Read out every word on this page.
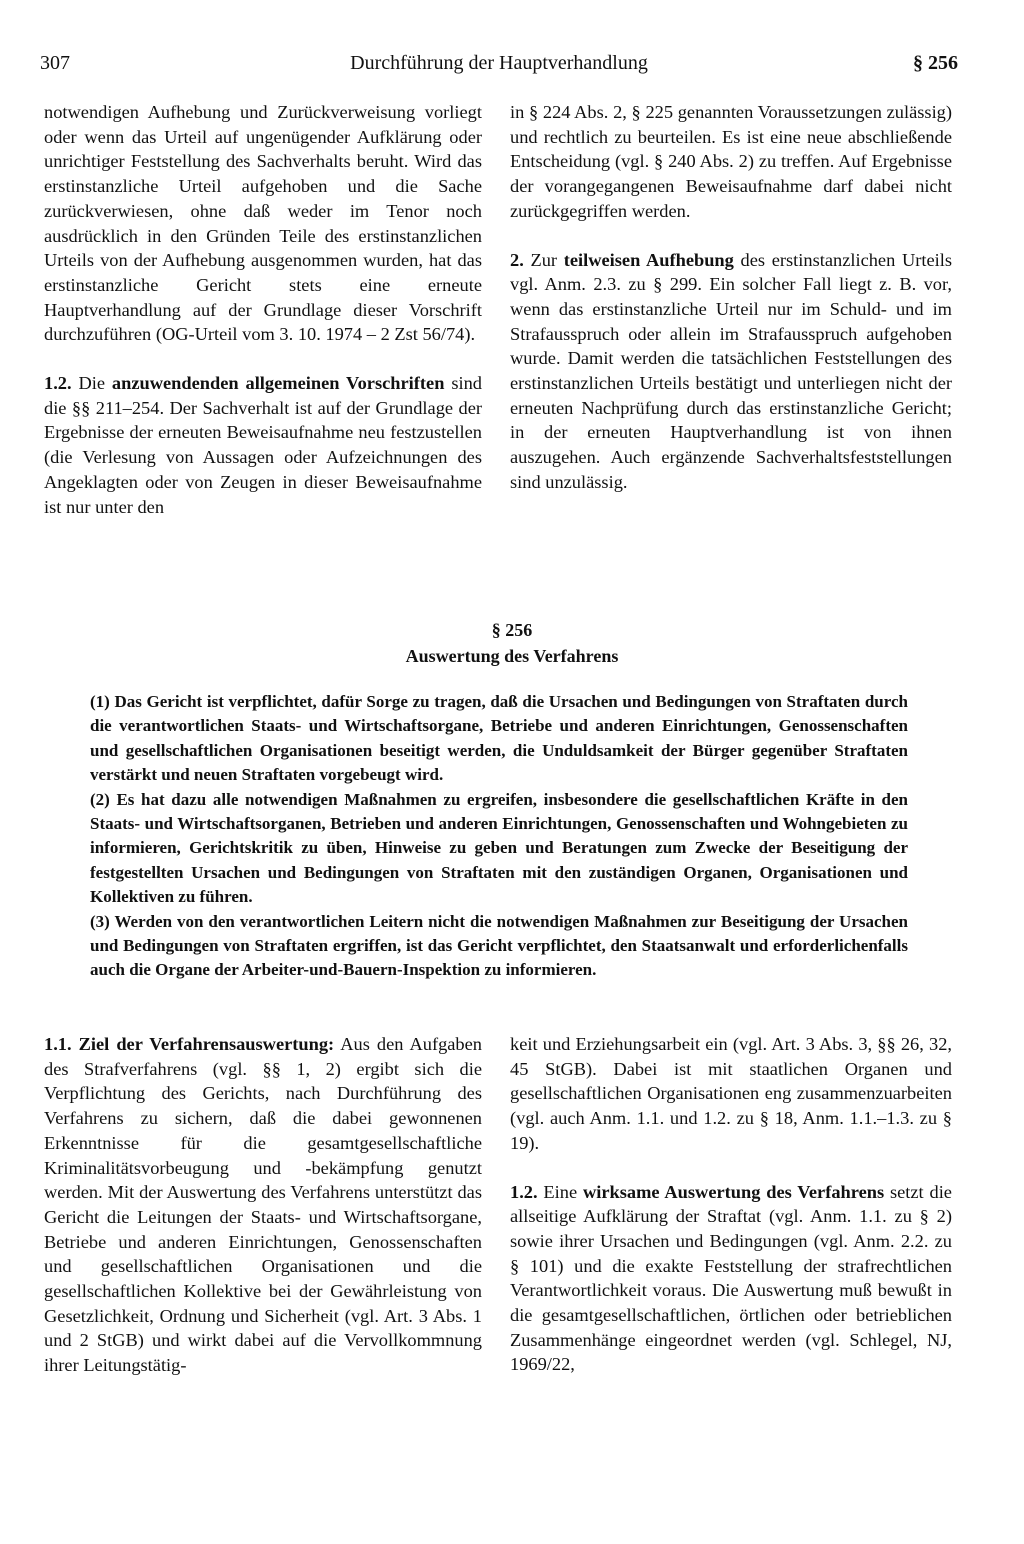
307	Durchführung der Hauptverhandlung	§ 256

notwendigen Aufhebung und Zurückverweisung vorliegt oder wenn das Urteil auf ungenügender Aufklärung oder unrichtiger Feststellung des Sachverhalts beruht. Wird das erstinstanzliche Urteil aufgehoben und die Sache zurückverwiesen, ohne daß weder im Tenor noch ausdrücklich in den Gründen Teile des erstinstanzlichen Urteils von der Aufhebung ausgenommen wurden, hat das erstinstanzliche Gericht stets eine erneute Hauptverhandlung auf der Grundlage dieser Vorschrift durchzuführen (OG-Urteil vom 3. 10. 1974 – 2 Zst 56/74).

1.2. Die anzuwendenden allgemeinen Vorschriften sind die §§ 211–254. Der Sachverhalt ist auf der Grundlage der Ergebnisse der erneuten Beweisaufnahme neu festzustellen (die Verlesung von Aussagen oder Aufzeichnungen des Angeklagten oder von Zeugen in dieser Beweisaufnahme ist nur unter den

in § 224 Abs. 2, § 225 genannten Voraussetzungen zulässig) und rechtlich zu beurteilen. Es ist eine neue abschließende Entscheidung (vgl. § 240 Abs. 2) zu treffen. Auf Ergebnisse der vorangegangenen Beweisaufnahme darf dabei nicht zurückgegriffen werden.

2. Zur teilweisen Aufhebung des erstinstanzlichen Urteils vgl. Anm. 2.3. zu § 299. Ein solcher Fall liegt z. B. vor, wenn das erstinstanzliche Urteil nur im Schuld- und im Strafausspruch oder allein im Strafausspruch aufgehoben wurde. Damit werden die tatsächlichen Feststellungen des erstinstanzlichen Urteils bestätigt und unterliegen nicht der erneuten Nachprüfung durch das erstinstanzliche Gericht; in der erneuten Hauptverhandlung ist von ihnen auszugehen. Auch ergänzende Sachverhaltsfeststellungen sind unzulässig.

§ 256
Auswertung des Verfahrens

(1) Das Gericht ist verpflichtet, dafür Sorge zu tragen, daß die Ursachen und Bedingungen von Straftaten durch die verantwortlichen Staats- und Wirtschaftsorgane, Betriebe und anderen Einrichtungen, Genossenschaften und gesellschaftlichen Organisationen beseitigt werden, die Unduldsamkeit der Bürger gegenüber Straftaten verstärkt und neuen Straftaten vorgebeugt wird.

(2) Es hat dazu alle notwendigen Maßnahmen zu ergreifen, insbesondere die gesellschaftlichen Kräfte in den Staats- und Wirtschaftsorganen, Betrieben und anderen Einrichtungen, Genossenschaften und Wohngebieten zu informieren, Gerichtskritik zu üben, Hinweise zu geben und Beratungen zum Zwecke der Beseitigung der festgestellten Ursachen und Bedingungen von Straftaten mit den zuständigen Organen, Organisationen und Kollektiven zu führen.

(3) Werden von den verantwortlichen Leitern nicht die notwendigen Maßnahmen zur Beseitigung der Ursachen und Bedingungen von Straftaten ergriffen, ist das Gericht verpflichtet, den Staatsanwalt und erforderlichenfalls auch die Organe der Arbeiter-und-Bauern-Inspektion zu informieren.

1.1. Ziel der Verfahrensauswertung: Aus den Aufgaben des Strafverfahrens (vgl. §§ 1, 2) ergibt sich die Verpflichtung des Gerichts, nach Durchführung des Verfahrens zu sichern, daß die dabei gewonnenen Erkenntnisse für die gesamtgesellschaftliche Kriminalitätsvorbeugung und -bekämpfung genutzt werden. Mit der Auswertung des Verfahrens unterstützt das Gericht die Leitungen der Staats- und Wirtschaftsorgane, Betriebe und anderen Einrichtungen, Genossenschaften und gesellschaftlichen Organisationen und die gesellschaftlichen Kollektive bei der Gewährleistung von Gesetzlichkeit, Ordnung und Sicherheit (vgl. Art. 3 Abs. 1 und 2 StGB) und wirkt dabei auf die Vervollkommnung ihrer Leitungstätig-

keit und Erziehungsarbeit ein (vgl. Art. 3 Abs. 3, §§ 26, 32, 45 StGB). Dabei ist mit staatlichen Organen und gesellschaftlichen Organisationen eng zusammenzuarbeiten (vgl. auch Anm. 1.1. und 1.2. zu § 18, Anm. 1.1.–1.3. zu § 19).

1.2. Eine wirksame Auswertung des Verfahrens setzt die allseitige Aufklärung der Straftat (vgl. Anm. 1.1. zu § 2) sowie ihrer Ursachen und Bedingungen (vgl. Anm. 2.2. zu § 101) und die exakte Feststellung der strafrechtlichen Verantwortlichkeit voraus. Die Auswertung muß bewußt in die gesamtgesellschaftlichen, örtlichen oder betrieblichen Zusammenhänge eingeordnet werden (vgl. Schlegel, NJ, 1969/22,
